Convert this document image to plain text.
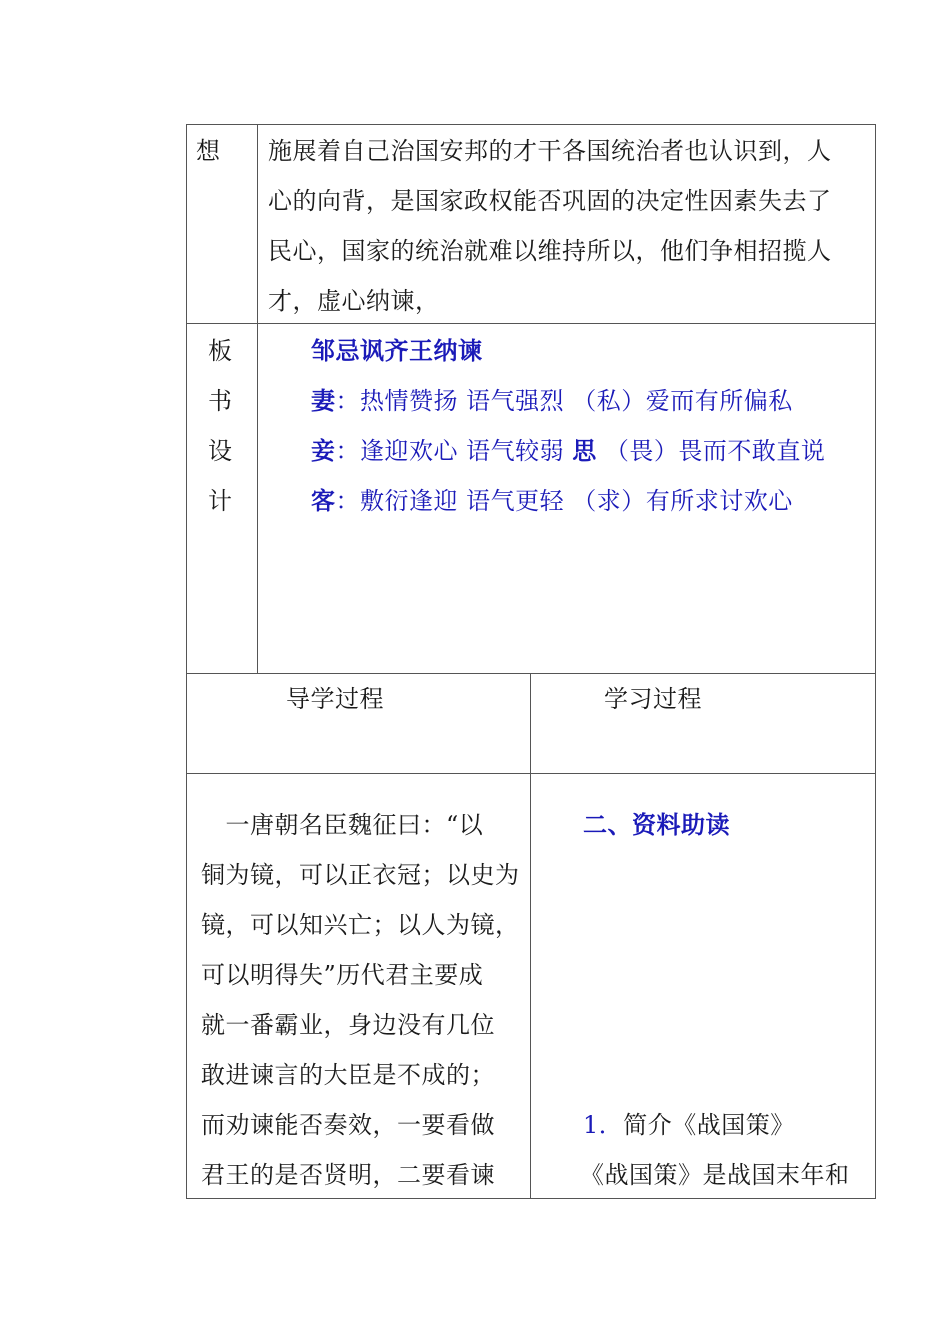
想 施展着自己治国安邦的才干各国统治者也认识到，人
心的向背，是国家政权能否巩固的决定性因素失去了
民心，国家的统治就难以维持所以，他们争相招揽人
才，虚心纳谏，
板
书
设
计
邹忌讽齐王纳谏
妻：热情赞扬 语气强烈 （私）爱而有所偏私
妾：逢迎欢心 语气较弱 思 （畏）畏而不敢直说
客：敷衍逢迎 语气更轻 （求）有所求讨欢心
导学过程	学习过程
　一唐朝名臣魏征曰：“以
铜为镜，可以正衣冠；以史为
镜，可以知兴亡；以人为镜，
可以明得失”历代君主要成
就一番霸业，身边没有几位
敢进谏言的大臣是不成的；
而劝谏能否奏效，一要看做
君王的是否贤明，二要看谏
二、资料助读
1．简介《战国策》
《战国策》是战国末年和
